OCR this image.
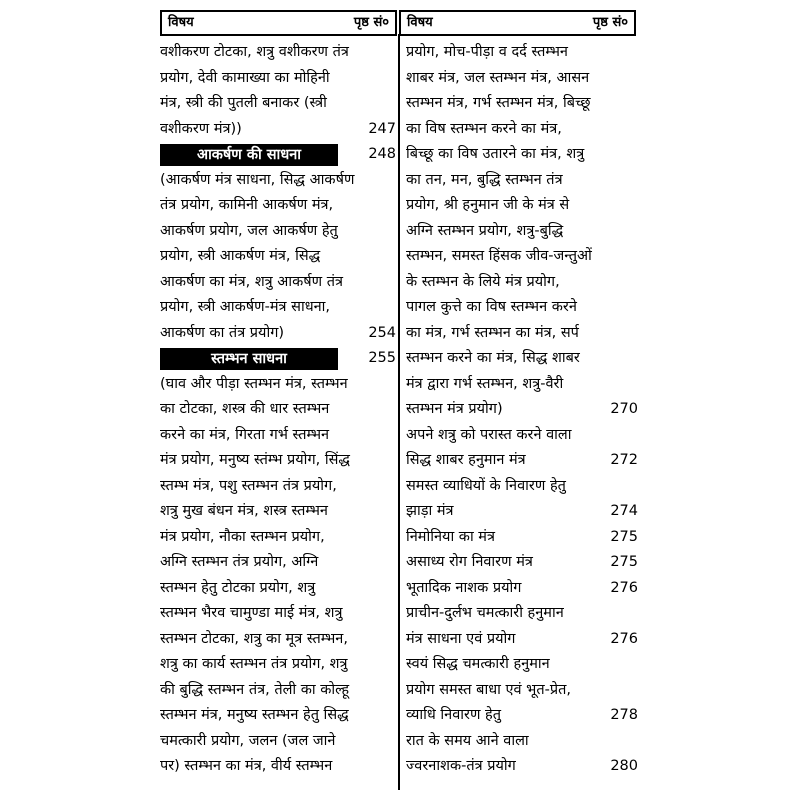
विषय	पृष्ठ सं० विषय	पृष्ठ सं०
वशीकरण टोटका, शत्रु वशीकरण तंत्र
प्रयोग, देवी कामाख्या का मोहिनी
मंत्र, स्त्री की पुतली बनाकर (स्त्री
वशीकरण मंत्र))	247
आकर्षण की साधना	248
(आकर्षण मंत्र साधना, सिद्ध आकर्षण
तंत्र प्रयोग, कामिनी आकर्षण मंत्र,
आकर्षण प्रयोग, जल आकर्षण हेतु
प्रयोग, स्त्री आकर्षण मंत्र, सिद्ध
आकर्षण का मंत्र, शत्रु आकर्षण तंत्र
प्रयोग, स्त्री आकर्षण-मंत्र साधना,
आकर्षण का तंत्र प्रयोग)	254
स्तम्भन साधना	255
(घाव और पीड़ा स्तम्भन मंत्र, स्तम्भन
का टोटका, शस्त्र की धार स्तम्भन
करने का मंत्र, गिरता गर्भ स्तम्भन
मंत्र प्रयोग, मनुष्य स्तंम्भ प्रयोग, सिंद्ध
स्तम्भ मंत्र, पशु स्तम्भन तंत्र प्रयोग,
शत्रु मुख बंधन मंत्र, शस्त्र स्तम्भन
मंत्र प्रयोग, नौका स्तम्भन प्रयोग,
अग्नि स्तम्भन तंत्र प्रयोग, अग्नि
स्तम्भन हेतु टोटका प्रयोग, शत्रु
स्तम्भन भैरव चामुण्डा माई मंत्र, शत्रु
स्तम्भन टोटका, शत्रु का मूत्र स्तम्भन,
शत्रु का कार्य स्तम्भन तंत्र प्रयोग, शत्रु
की बुद्धि स्तम्भन तंत्र, तेली का कोल्हू
स्तम्भन मंत्र, मनुष्य स्तम्भन हेतु सिद्ध
चमत्कारी प्रयोग, जलन (जल जाने
पर) स्तम्भन का मंत्र, वीर्य स्तम्भन
प्रयोग, मोच-पीड़ा व दर्द स्तम्भन
शाबर मंत्र, जल स्तम्भन मंत्र, आसन
स्तम्भन मंत्र, गर्भ स्तम्भन मंत्र, बिच्छू
का विष स्तम्भन करने का मंत्र,
बिच्छू का विष उतारने का मंत्र, शत्रु
का तन, मन, बुद्धि स्तम्भन तंत्र
प्रयोग, श्री हनुमान जी के मंत्र से
अग्नि स्तम्भन प्रयोग, शत्रु-बुद्धि
स्तम्भन, समस्त हिंसक जीव-जन्तुओं
के स्तम्भन के लिये मंत्र प्रयोग,
पागल कुत्ते का विष स्तम्भन करने
का मंत्र, गर्भ स्तम्भन का मंत्र, सर्प
स्तम्भन करने का मंत्र, सिद्ध शाबर
मंत्र द्वारा गर्भ स्तम्भन, शत्रु-वैरी
स्तम्भन मंत्र प्रयोग)	270
अपने शत्रु को परास्त करने वाला
सिद्ध शाबर हनुमान मंत्र	272
समस्त व्याधियों के निवारण हेतु
झाड़ा मंत्र	274
निमोनिया का मंत्र	275
असाध्य रोग निवारण मंत्र	275
भूतादिक नाशक प्रयोग	276
प्राचीन-दुर्लभ चमत्कारी हनुमान
मंत्र साधना एवं प्रयोग	276
स्वयं सिद्ध चमत्कारी हनुमान
प्रयोग समस्त बाधा एवं भूत-प्रेत,
व्याधि निवारण हेतु	278
रात के समय आने वाला
ज्वरनाशक-तंत्र प्रयोग	280
